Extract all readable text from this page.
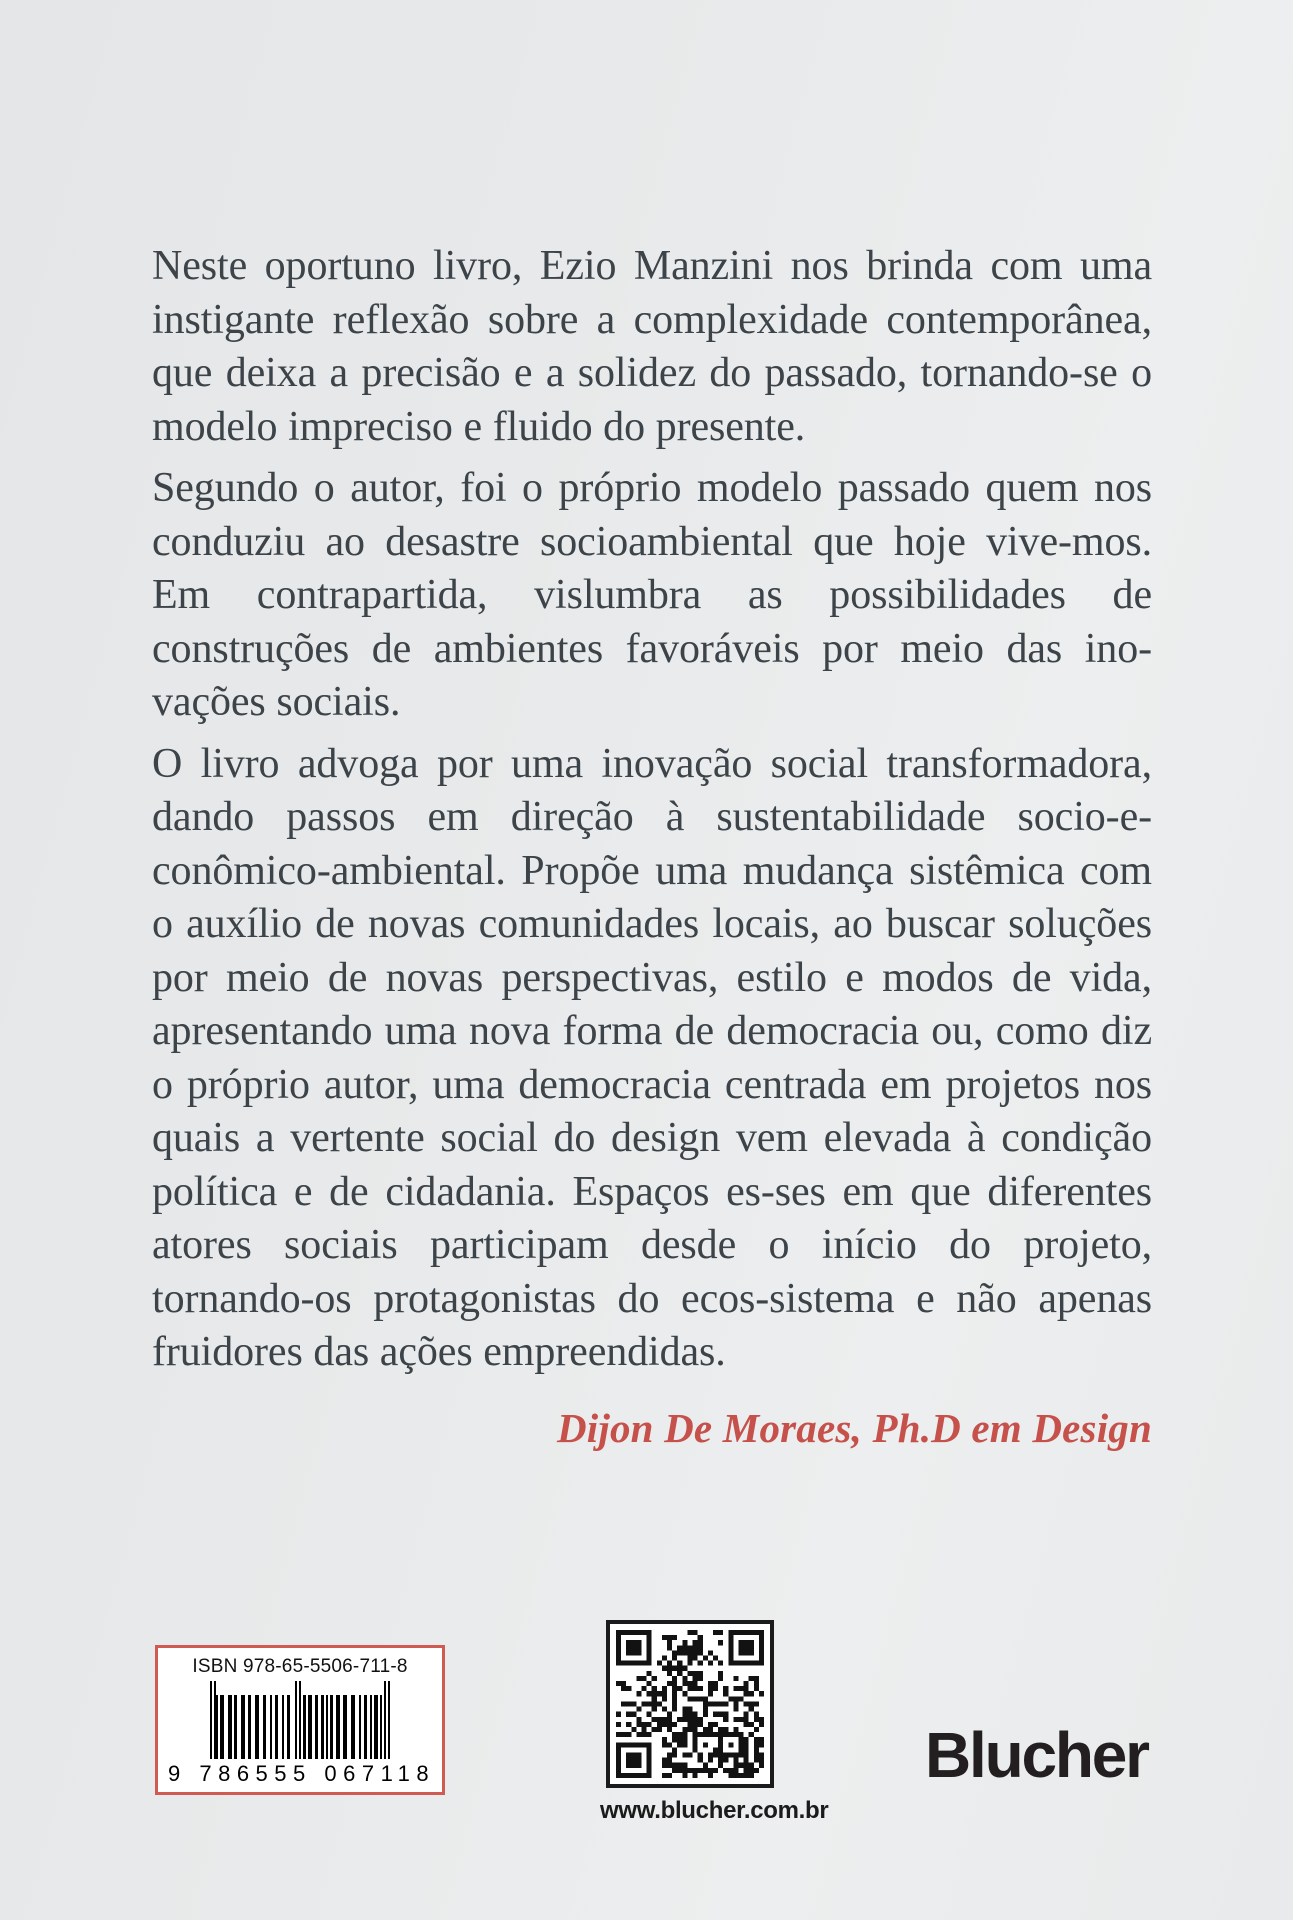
Neste oportuno livro, Ezio Manzini nos brinda com uma instigante reflexão sobre a complexidade contemporânea, que deixa a precisão e a solidez do passado, tornando-se o modelo impreciso e fluido do presente.

Segundo o autor, foi o próprio modelo passado quem nos conduziu ao desastre socioambiental que hoje vive-mos. Em contrapartida, vislumbra as possibilidades de construções de ambientes favoráveis por meio das ino-vações sociais.

O livro advoga por uma inovação social transformadora, dando passos em direção à sustentabilidade socio-e-conômico-ambiental. Propõe uma mudança sistêmica com o auxílio de novas comunidades locais, ao buscar soluções por meio de novas perspectivas, estilo e modos de vida, apresentando uma nova forma de democracia ou, como diz o próprio autor, uma democracia centrada em projetos nos quais a vertente social do design vem elevada à condição política e de cidadania. Espaços es-ses em que diferentes atores sociais participam desde o início do projeto, tornando-os protagonistas do ecos-sistema e não apenas fruidores das ações empreendidas.

Dijon De Moraes, Ph.D em Design
ISBN 978-65-5506-711-8
9 786555 067118
www.blucher.com.br
Blucher
